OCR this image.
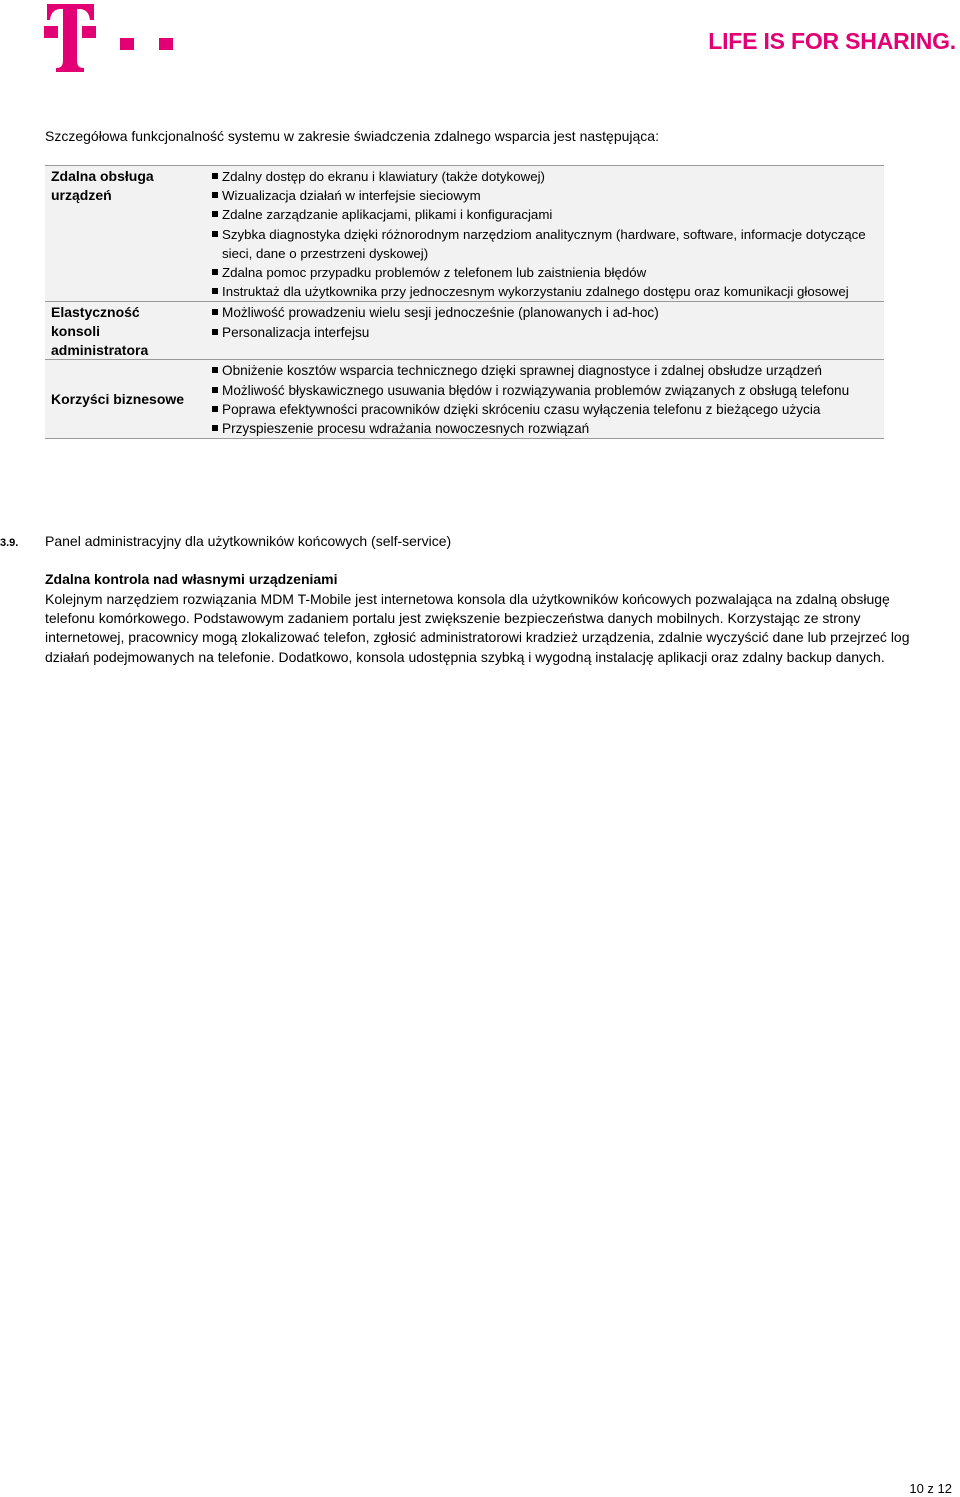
LIFE IS FOR SHARING.
Szczegółowa funkcjonalność systemu w zakresie świadczenia zdalnego wsparcia jest następująca:
Zdalna obsługa urządzeń
Zdalny dostęp do ekranu i klawiatury (także dotykowej)
Wizualizacja działań w interfejsie sieciowym
Zdalne zarządzanie aplikacjami, plikami i konfiguracjami
Szybka diagnostyka dzięki różnorodnym narzędziom analitycznym (hardware, software, informacje dotyczące sieci, dane o przestrzeni dyskowej)
Zdalna pomoc przypadku problemów z telefonem lub zaistnienia błędów
Instruktaż dla użytkownika przy jednoczesnym wykorzystaniu zdalnego dostępu oraz komunikacji głosowej
Elastyczność konsoli administratora
Możliwość prowadzeniu wielu sesji jednocześnie (planowanych i ad-hoc)
Personalizacja interfejsu
Korzyści biznesowe
Obniżenie kosztów wsparcia technicznego dzięki sprawnej diagnostyce i zdalnej obsłudze urządzeń
Możliwość błyskawicznego usuwania błędów i rozwiązywania problemów związanych z obsługą telefonu
Poprawa efektywności pracowników dzięki skróceniu czasu wyłączenia telefonu z bieżącego użycia
Przyspieszenie procesu wdrażania nowoczesnych rozwiązań
3.9. Panel administracyjny dla użytkowników końcowych (self-service)
Zdalna kontrola nad własnymi urządzeniami
Kolejnym narzędziem rozwiązania MDM T-Mobile jest internetowa konsola dla użytkowników końcowych pozwalająca na zdalną obsługę telefonu komórkowego. Podstawowym zadaniem portalu jest zwiększenie bezpieczeństwa danych mobilnych. Korzystając ze strony internetowej, pracownicy mogą zlokalizować telefon, zgłosić administratorowi kradzież urządzenia, zdalnie wyczyścić dane lub przejrzeć log działań podejmowanych na telefonie. Dodatkowo, konsola udostępnia szybką i wygodną instalację aplikacji oraz zdalny backup danych.
10 z 12
